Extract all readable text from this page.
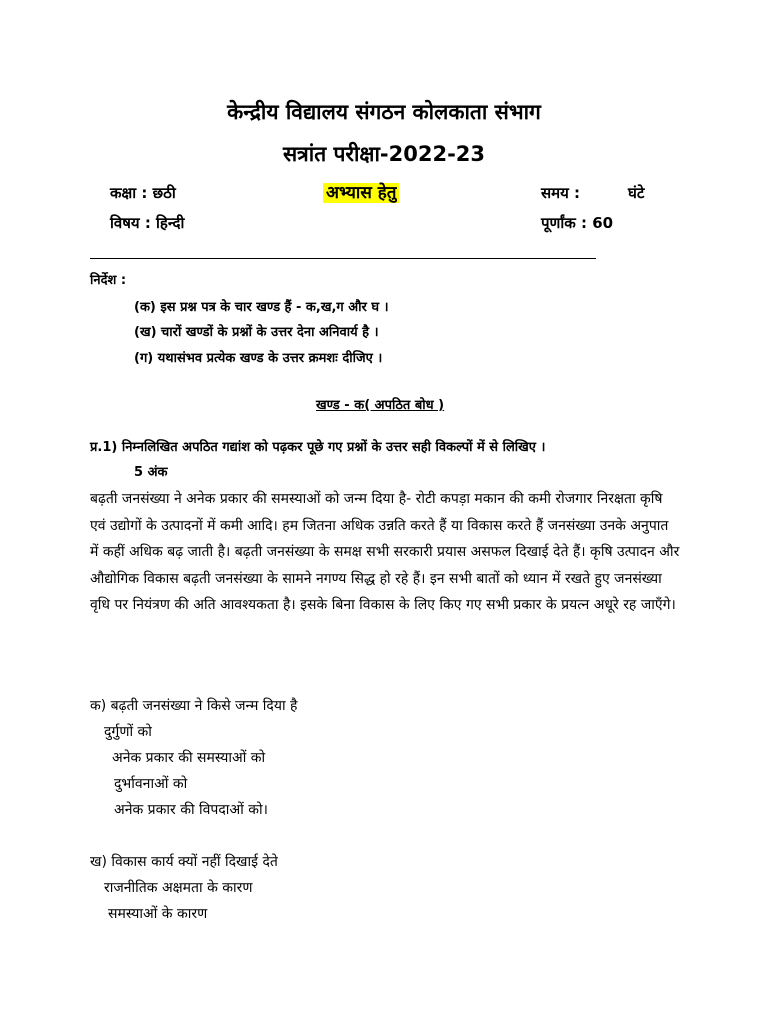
केन्द्रीय विद्यालय संगठन कोलकाता संभाग
सत्रांत परीक्षा-2022-23
कक्षा : छठी	अभ्यास हेतु	समय :	घंटे
विषय : हिन्दी	पूर्णांक : 60
निर्देश :
(क) इस प्रश्न पत्र के चार खण्ड हैं - क,ख,ग और घ ।
(ख) चारों खण्डों के प्रश्नों के उत्तर देना अनिवार्य है ।
(ग) यथासंभव प्रत्येक खण्ड के उत्तर क्रमशः दीजिए ।
खण्ड - क( अपठित बोध )
प्र.1) निम्नलिखित अपठित गद्यांश को पढ़कर पूछे गए प्रश्नों के उत्तर सही विकल्पों में से लिखिए ।
5 अंक

बढ़ती जनसंख्या ने अनेक प्रकार की समस्याओं को जन्म दिया है- रोटी कपड़ा मकान की कमी रोजगार निरक्षता कृषि एवं उद्योगों के उत्पादनों में कमी आदि। हम जितना अधिक उन्नति करते हैं या विकास करते हैं जनसंख्या उनके अनुपात में कहीं अधिक बढ़ जाती है। बढ़ती जनसंख्या के समक्ष सभी सरकारी प्रयास असफल दिखाई देते हैं। कृषि उत्पादन और औद्योगिक विकास बढ़ती जनसंख्या के सामने नगण्य सिद्ध हो रहे हैं। इन सभी बातों को ध्यान में रखते हुए जनसंख्या वृधि पर नियंत्रण की अति आवश्यकता है। इसके बिना विकास के लिए किए गए सभी प्रकार के प्रयत्न अधूरे रह जाएँगे।

क) बढ़ती जनसंख्या ने किसे जन्म दिया है
दुर्गुणों को
अनेक प्रकार की समस्याओं को
दुर्भावनाओं को
अनेक प्रकार की विपदाओं को।
ख) विकास कार्य क्यों नहीं दिखाई देते
राजनीतिक अक्षमता के कारण
समस्याओं के कारण
